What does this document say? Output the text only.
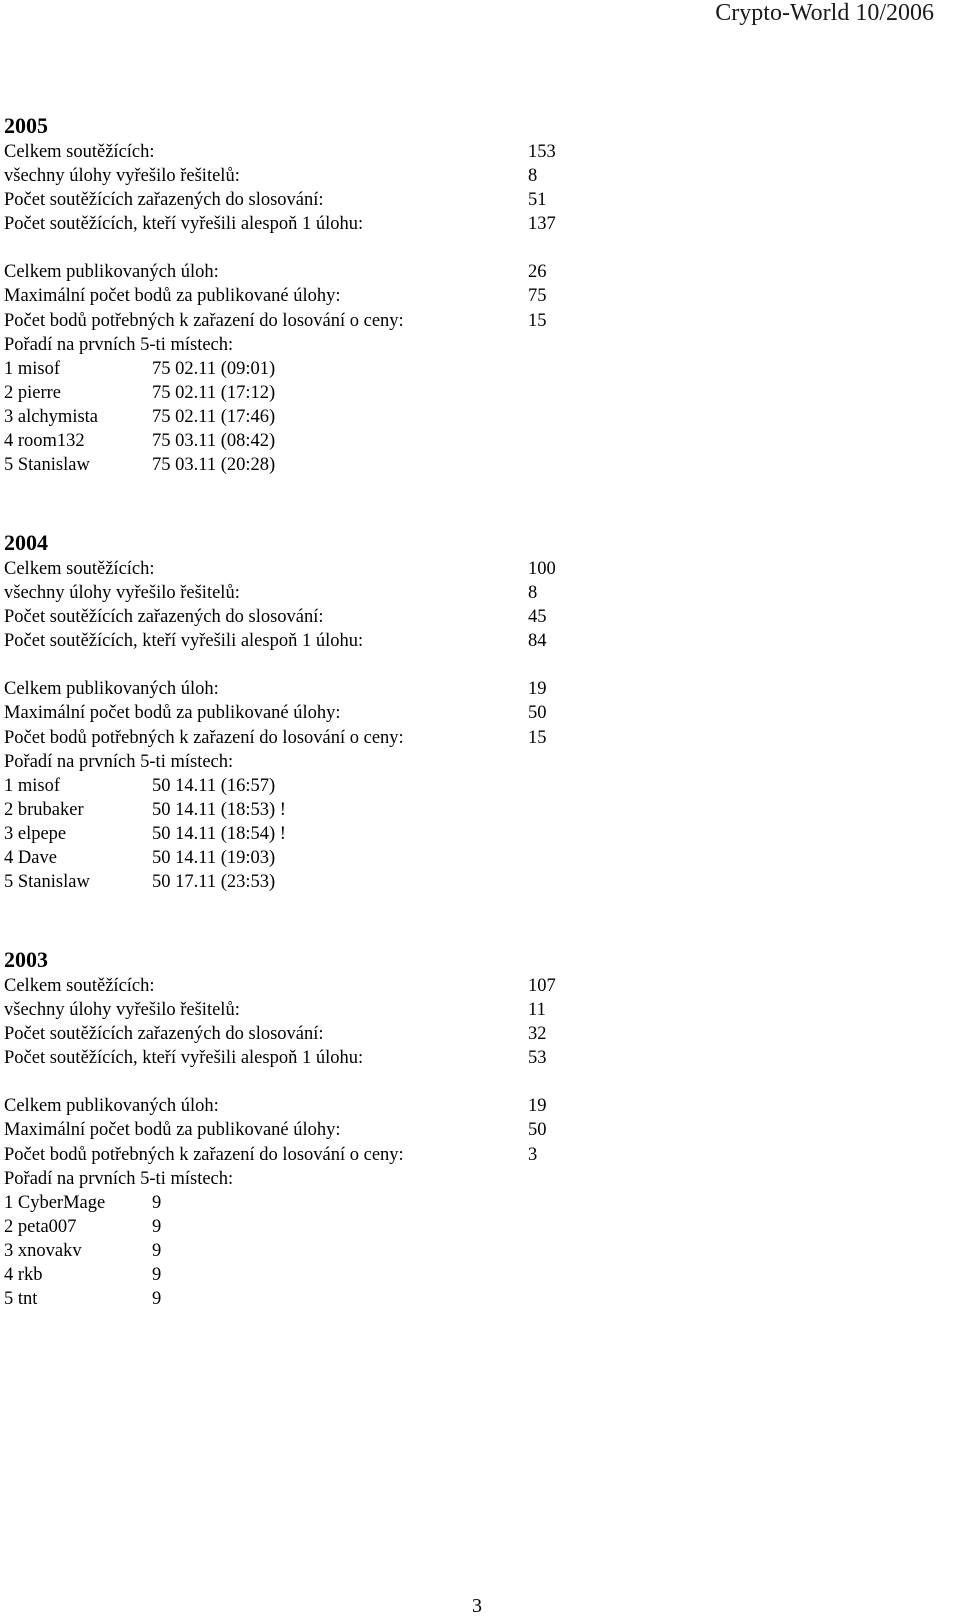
Crypto-World 10/2006
2005
Celkem soutěžících:	153
všechny úlohy vyřešilo řešitelů:	8
Počet soutěžících zařazených do slosování:	51
Počet soutěžících, kteří vyřešili alespoň 1 úlohu:	137
Celkem publikovaných úloh:	26
Maximální počet bodů za publikované úlohy:	75
Počet bodů potřebných k zařazení do losování o ceny:	15
Pořadí na prvních 5-ti místech:
1 misof	75 02.11 (09:01)
2 pierre	75 02.11 (17:12)
3 alchymista	75 02.11 (17:46)
4 room132	75 03.11 (08:42)
5 Stanislaw	75 03.11 (20:28)
2004
Celkem soutěžících:	100
všechny úlohy vyřešilo řešitelů:	8
Počet soutěžících zařazených do slosování:	45
Počet soutěžících, kteří vyřešili alespoň 1 úlohu:	84
Celkem publikovaných úloh:	19
Maximální počet bodů za publikované úlohy:	50
Počet bodů potřebných k zařazení do losování o ceny:	15
Pořadí na prvních 5-ti místech:
1 misof	50 14.11 (16:57)
2 brubaker	50 14.11 (18:53) !
3 elpepe	50 14.11 (18:54) !
4 Dave	50 14.11 (19:03)
5 Stanislaw	50 17.11 (23:53)
2003
Celkem soutěžících:	107
všechny úlohy vyřešilo řešitelů:	11
Počet soutěžících zařazených do slosování:	32
Počet soutěžících, kteří vyřešili alespoň 1 úlohu:	53
Celkem publikovaných úloh:	19
Maximální počet bodů za publikované úlohy:	50
Počet bodů potřebných k zařazení do losování o ceny:	3
Pořadí na prvních 5-ti místech:
1 CyberMage	9
2 peta007	9
3 xnovakv	9
4 rkb	9
5 tnt	9
3
